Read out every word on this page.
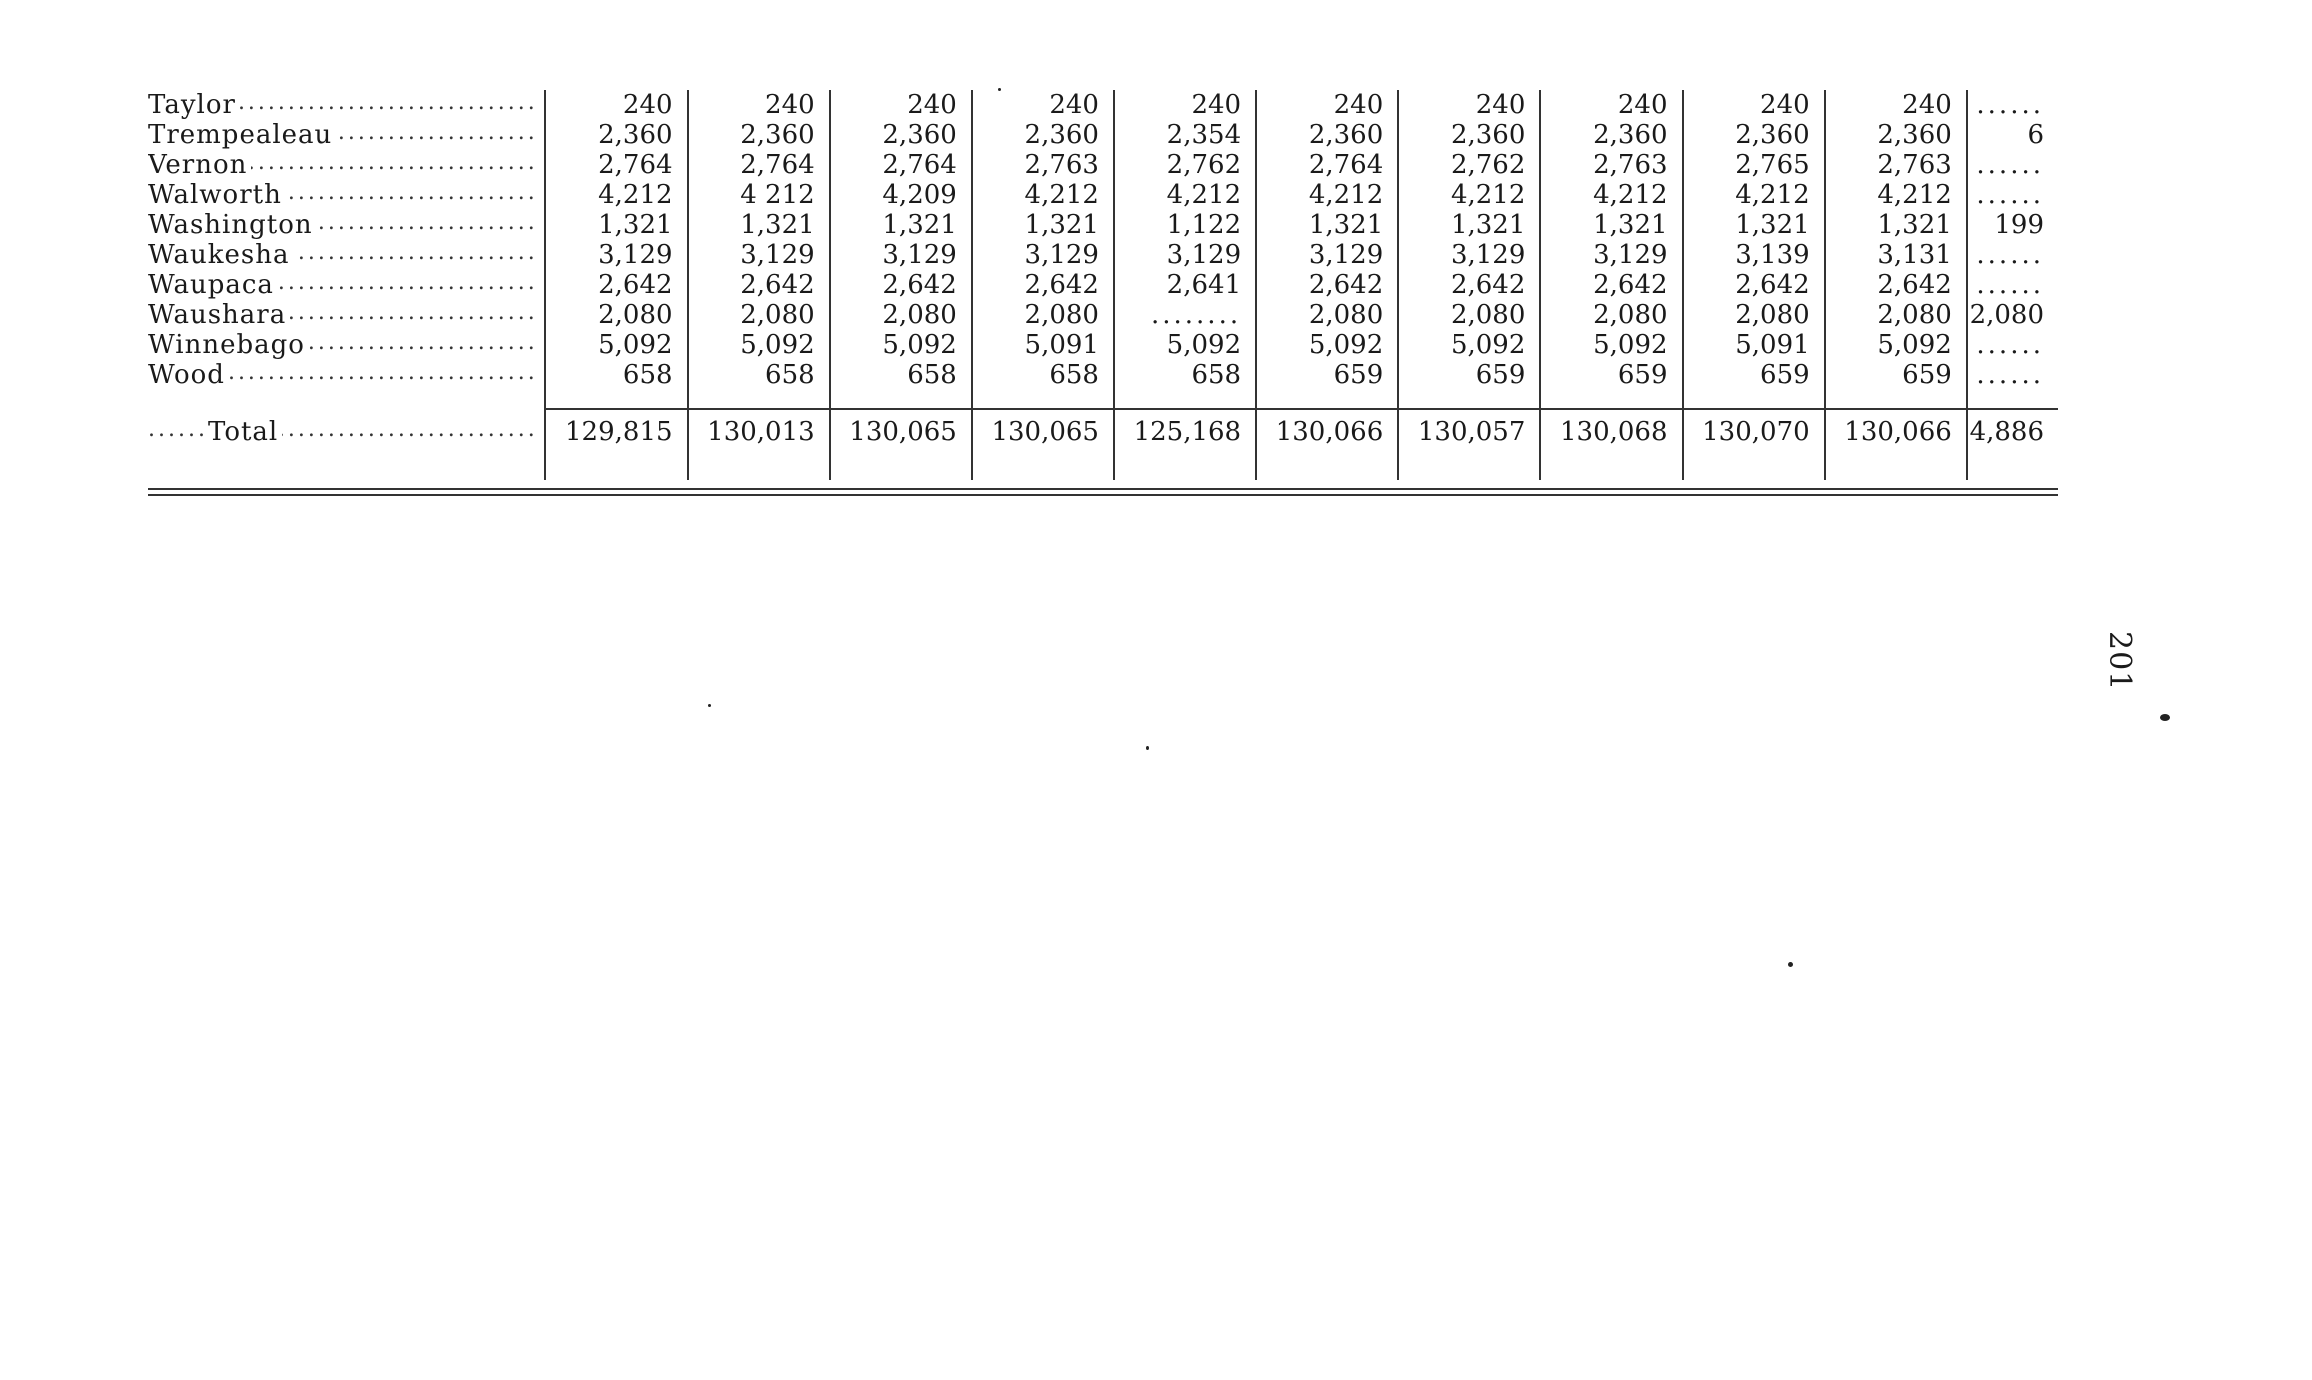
Taylor .....	240	240	240	240	240	240	240	240	240	240	......
Trempealeau .....	2,360	2,360	2,360	2,360	2,354	2,360	2,360	2,360	2,360	2,360	6
Vernon .....	2,764	2,764	2,764	2,763	2,762	2,764	2,762	2,763	2,765	2,763	......
Walworth .....	4,212	4 212	4,209	4,212	4,212	4,212	4,212	4,212	4,212	4,212	......
Washington .....	1,321	1,321	1,321	1,321	1,122	1,321	1,321	1,321	1,321	1,321	199
Waukesha .....	3,129	3,129	3,129	3,129	3,129	3,129	3,129	3,129	3,139	3,131	......
Waupaca .....	2,642	2,642	2,642	2,642	2,641	2,642	2,642	2,642	2,642	2,642	......
Waushara .....	2,080	2,080	2,080	2,080	........	2,080	2,080	2,080	2,080	2,080	2,080
Winnebago .....	5,092	5,092	5,092	5,091	5,092	5,092	5,092	5,092	5,091	5,092	......
Wood .....	658	658	658	658	658	659	659	659	659	659	......

Total .....	129,815	130,013	130,065	130,065	125,168	130,066	130,057	130,068	130,070	130,066	4,886

201
